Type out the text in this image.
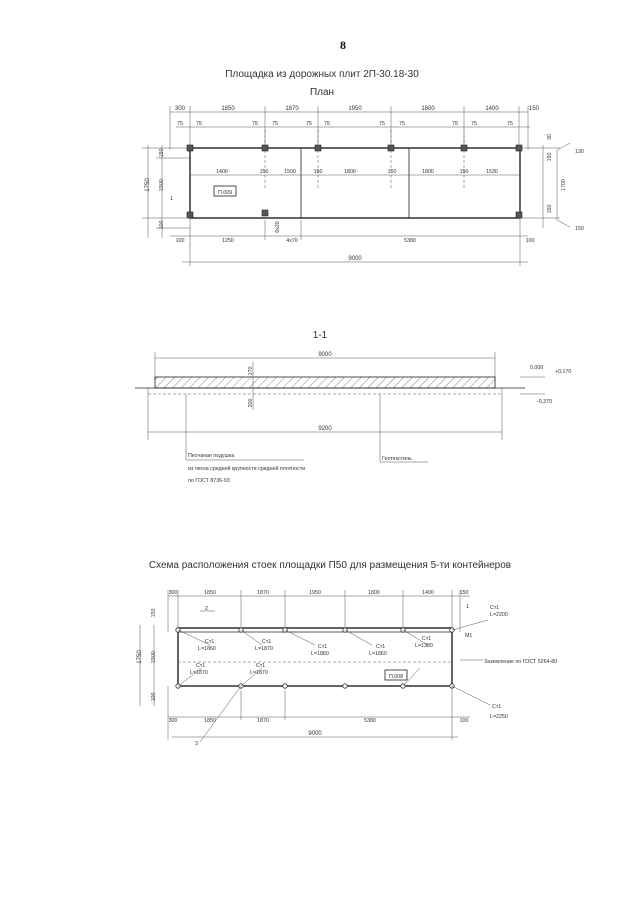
8
Площадка из дорожных плит 2П-30.18-30
План
300	1850	1870	1950	1800	1400	150
75 75	75	75	75 75	75	75	75 75	75
1400	150	1500	150	1800	150	1800	150	1530
П.009
150
1500
100
1750
1
30
150
1700
150
130
150
100	1250
6x20
4x70	5380	100
9000
1-1
9000
170
200
0,000
+0,170
-0,370
9200
Песчаная подушка
из песка средней крупности средней плотности
по ГОСТ 8736-93
Геотекстиль
Схема расположения стоек площадки П50 для размещения 5-ти контейнеров
300	1850	1870	1950	1800	1400	150
Ст1
L=1860
Ст1
L=1870	Ст1
L=1860
Ст1
L=1860
Ст1
L=1380
Ст1
L=1870
Ст1
L=1870
П.008
Ст1
L=2200
Заземление по ГОСТ 5264-80
Ст1
L=2250
М1
150
1500
100
1750
2	1
3
300	1850	1870	5380	100
9000
